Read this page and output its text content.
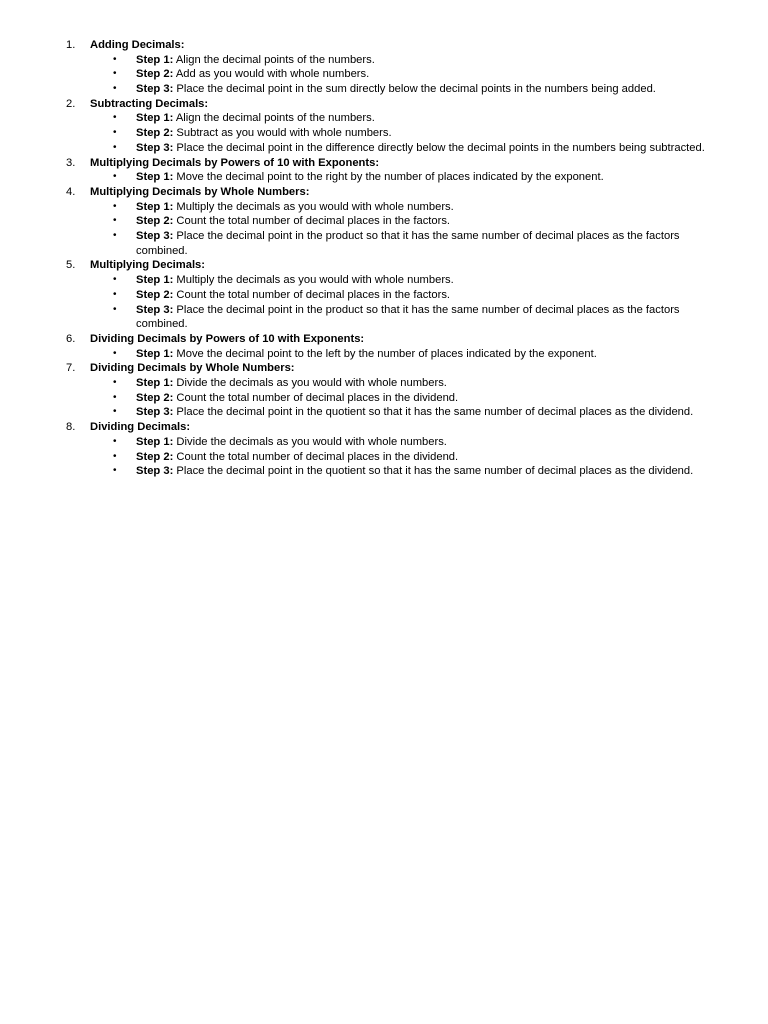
1.	Adding Decimals:
• Step 1: Align the decimal points of the numbers.
• Step 2: Add as you would with whole numbers.
• Step 3: Place the decimal point in the sum directly below the decimal points in the numbers being added.
2.	Subtracting Decimals:
• Step 1: Align the decimal points of the numbers.
• Step 2: Subtract as you would with whole numbers.
• Step 3: Place the decimal point in the difference directly below the decimal points in the numbers being subtracted.
3.	Multiplying Decimals by Powers of 10 with Exponents:
• Step 1: Move the decimal point to the right by the number of places indicated by the exponent.
4.	Multiplying Decimals by Whole Numbers:
• Step 1: Multiply the decimals as you would with whole numbers.
• Step 2: Count the total number of decimal places in the factors.
• Step 3: Place the decimal point in the product so that it has the same number of decimal places as the factors combined.
5.	Multiplying Decimals:
• Step 1: Multiply the decimals as you would with whole numbers.
• Step 2: Count the total number of decimal places in the factors.
• Step 3: Place the decimal point in the product so that it has the same number of decimal places as the factors combined.
6.	Dividing Decimals by Powers of 10 with Exponents:
• Step 1: Move the decimal point to the left by the number of places indicated by the exponent.
7.	Dividing Decimals by Whole Numbers:
• Step 1: Divide the decimals as you would with whole numbers.
• Step 2: Count the total number of decimal places in the dividend.
• Step 3: Place the decimal point in the quotient so that it has the same number of decimal places as the dividend.
8.	Dividing Decimals:
• Step 1: Divide the decimals as you would with whole numbers.
• Step 2: Count the total number of decimal places in the dividend.
• Step 3: Place the decimal point in the quotient so that it has the same number of decimal places as the dividend.
